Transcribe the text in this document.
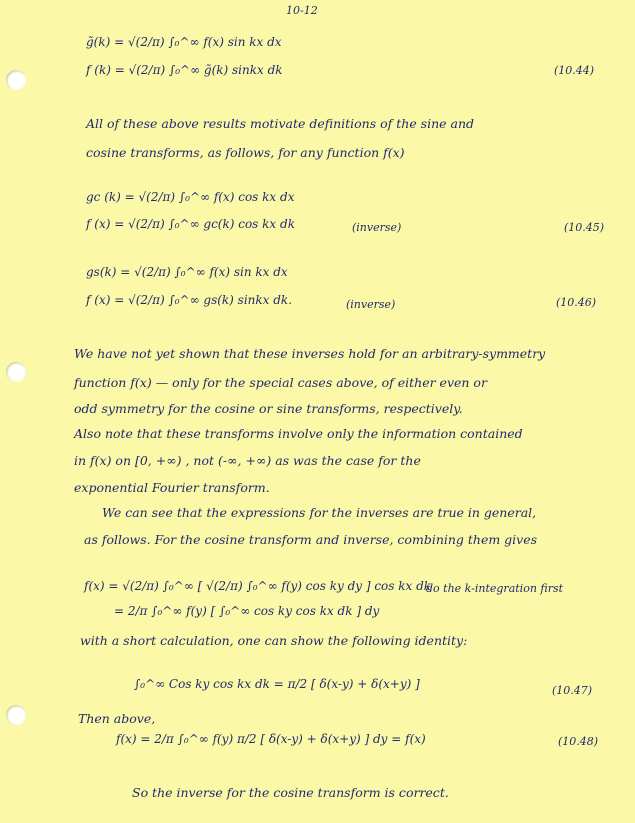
10-12
g̃(k) = √(2/π) ∫₀^∞ f(x) sin kx dx
f (k) = √(2/π) ∫₀^∞ g̃(k) sinkx dk	(10.44)
All of these above results motivate definitions of the sine and
cosine transforms, as follows, for any function f(x)
gc (k) = √(2/π) ∫₀^∞ f(x) cos kx dx
f (x) = √(2/π) ∫₀^∞ gc(k) cos kx dk	(inverse)	(10.45)
gs(k) = √(2/π) ∫₀^∞ f(x) sin kx dx
f (x) = √(2/π) ∫₀^∞ gs(k) sinkx dk.	(inverse)	(10.46)
We have not yet shown that these inverses hold for an arbitrary-symmetry
function f(x) — only for the special cases above, of either even or
odd symmetry for the cosine or sine transforms, respectively.
Also note that these transforms involve only the information contained
in f(x) on [0, +∞) , not (-∞, +∞) as was the case for the
exponential Fourier transform.
We can see that the expressions for the inverses are true in general,
as follows. For the cosine transform and inverse, combining them gives
f(x) = √(2/π) ∫₀^∞ [ √(2/π) ∫₀^∞ f(y) cos ky dy ] cos kx dk
do the k-integration first
= 2/π ∫₀^∞ f(y) [ ∫₀^∞ cos ky cos kx dk ] dy
with a short calculation, one can show the following identity:
∫₀^∞ Cos ky cos kx dk = π/2 [ δ(x-y) + δ(x+y) ]	(10.47)
Then above,
f(x) = 2/π ∫₀^∞ f(y) π/2 [ δ(x-y) + δ(x+y) ] dy = f(x)	(10.48)
So the inverse for the cosine transform is correct.
